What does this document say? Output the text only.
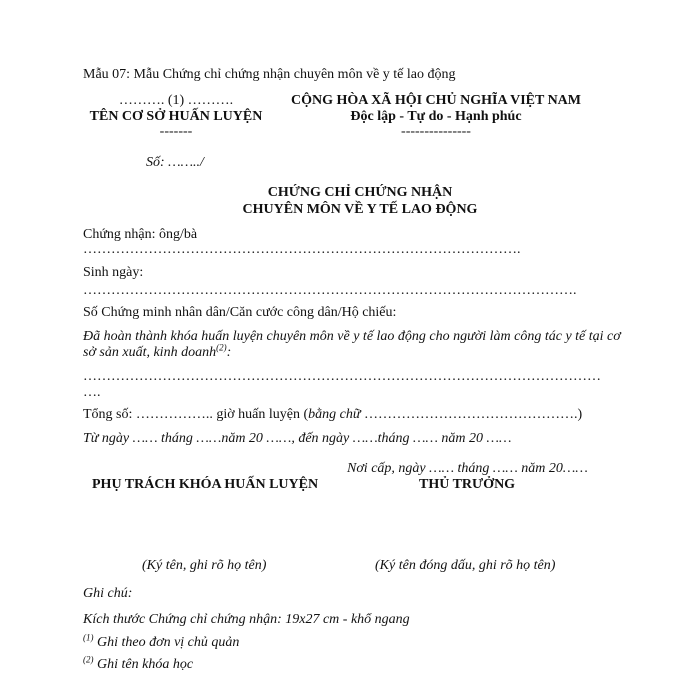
Mẫu 07: Mẫu Chứng chỉ chứng nhận chuyên môn về y tế lao động
………. (1) ……….
TÊN CƠ SỞ HUẤN LUYỆN
-------
CỘNG HÒA XÃ HỘI CHỦ NGHĨA VIỆT NAM
Độc lập - Tự do - Hạnh phúc
---------------
Số: ……../
CHỨNG CHỈ CHỨNG NHẬN
CHUYÊN MÔN VỀ Y TẾ LAO ĐỘNG
Chứng nhận: ông/bà
………………………………………………………………………………….
Sinh ngày:
…………………………………………………………………………………………….
Số Chứng minh nhân dân/Căn cước công dân/Hộ chiếu:
Đã hoàn thành khóa huấn luyện chuyên môn về y tế lao động cho người làm công tác y tế tại cơ
sở sản xuất, kinh doanh$^{(2)}$:
…………………………………………………………………………………………………
….
Tổng số: …………….. giờ huấn luyện (bằng chữ ……………………………………….)
Từ ngày …… tháng ……năm 20 ……, đến ngày ……tháng …… năm 20 ……
Nơi cấp, ngày …… tháng …… năm 20……
PHỤ TRÁCH KHÓA HUẤN LUYỆN	THỦ TRƯỞNG
(Ký tên, ghi rõ họ tên)	(Ký tên đóng dấu, ghi rõ họ tên)
Ghi chú:
Kích thước Chứng chỉ chứng nhận: 19x27 cm - khổ ngang
$^{(1)}$ Ghi theo đơn vị chủ quản
$^{(2)}$ Ghi tên khóa học
